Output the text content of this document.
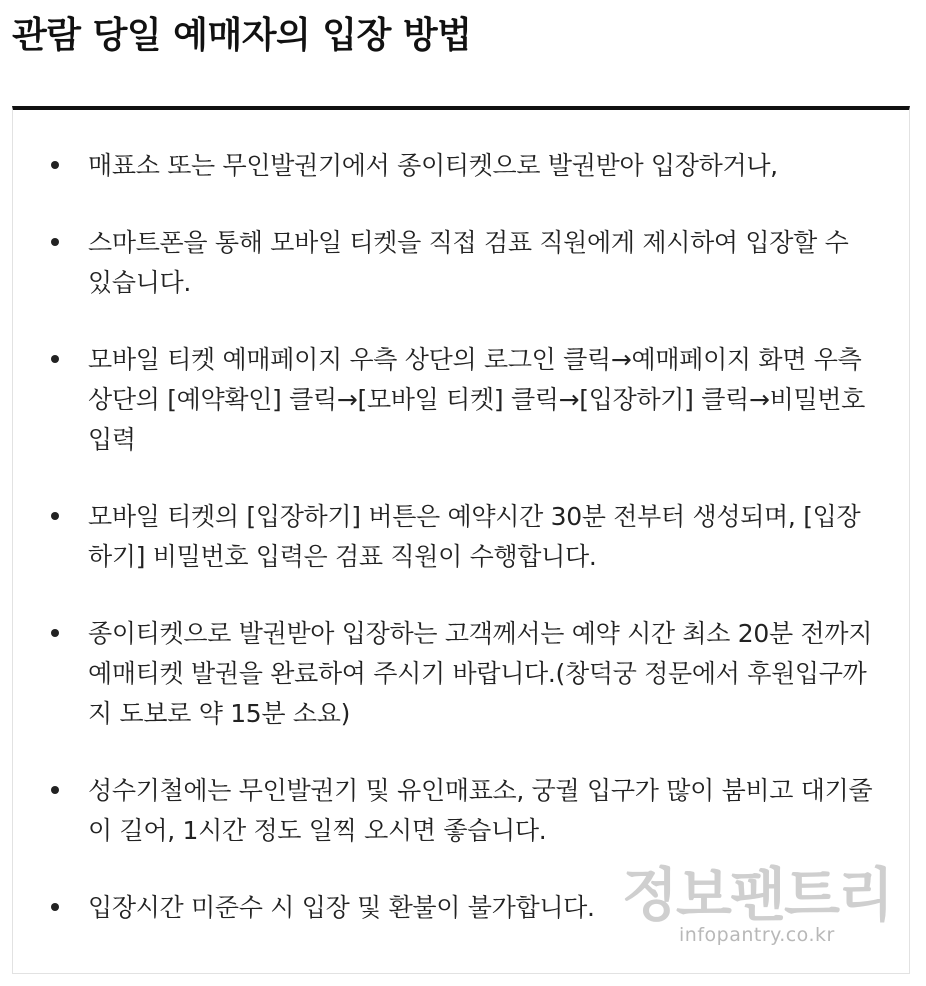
관람 당일 예매자의 입장 방법
매표소 또는 무인발권기에서 종이티켓으로 발권받아 입장하거나,
스마트폰을 통해 모바일 티켓을 직접 검표 직원에게 제시하여 입장할 수 있습니다.
모바일 티켓 예매페이지 우측 상단의 로그인 클릭→예매페이지 화면 우측 상단의 [예약확인] 클릭→[모바일 티켓] 클릭→[입장하기] 클릭→비밀번호 입력
모바일 티켓의 [입장하기] 버튼은 예약시간 30분 전부터 생성되며, [입장하기] 비밀번호 입력은 검표 직원이 수행합니다.
종이티켓으로 발권받아 입장하는 고객께서는 예약 시간 최소 20분 전까지 예매티켓 발권을 완료하여 주시기 바랍니다.(창덕궁 정문에서 후원입구까지 도보로 약 15분 소요)
성수기철에는 무인발권기 및 유인매표소, 궁궐 입구가 많이 붐비고 대기줄이 길어, 1시간 정도 일찍 오시면 좋습니다.
입장시간 미준수 시 입장 및 환불이 불가합니다. 정보팬트리
infopantry.co.kr
